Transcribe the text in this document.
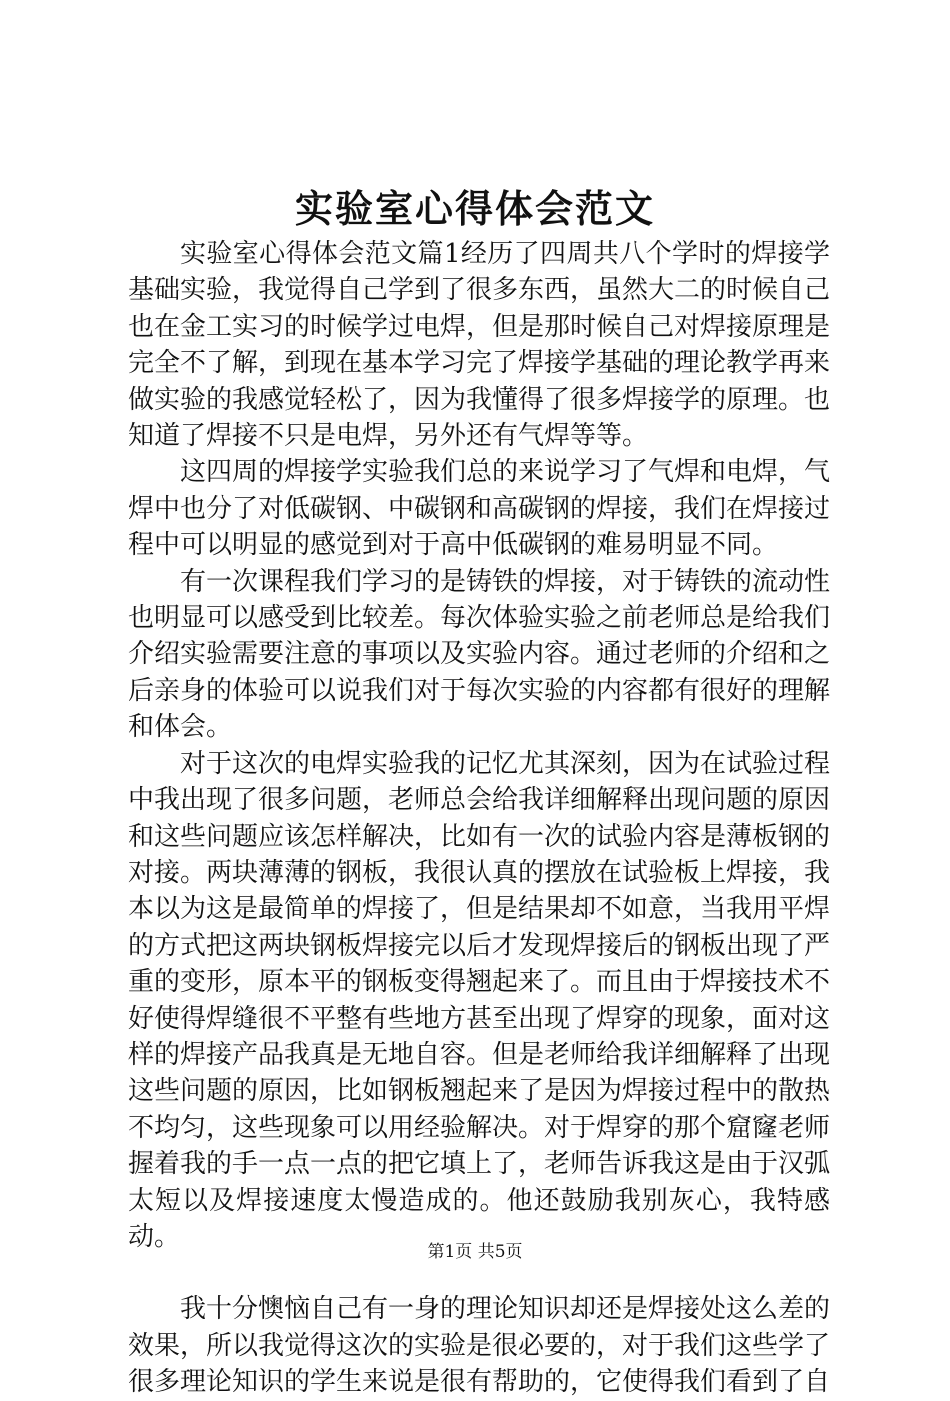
实验室心得体会范文

实验室心得体会范文篇1经历了四周共八个学时的焊接学基础实验，我觉得自己学到了很多东西，虽然大二的时候自己也在金工实习的时候学过电焊，但是那时候自己对焊接原理是完全不了解，到现在基本学习完了焊接学基础的理论教学再来做实验的我感觉轻松了，因为我懂得了很多焊接学的原理。也知道了焊接不只是电焊，另外还有气焊等等。

这四周的焊接学实验我们总的来说学习了气焊和电焊，气焊中也分了对低碳钢、中碳钢和高碳钢的焊接，我们在焊接过程中可以明显的感觉到对于高中低碳钢的难易明显不同。

有一次课程我们学习的是铸铁的焊接，对于铸铁的流动性也明显可以感受到比较差。每次体验实验之前老师总是给我们介绍实验需要注意的事项以及实验内容。通过老师的介绍和之后亲身的体验可以说我们对于每次实验的内容都有很好的理解和体会。

对于这次的电焊实验我的记忆尤其深刻，因为在试验过程中我出现了很多问题，老师总会给我详细解释出现问题的原因和这些问题应该怎样解决，比如有一次的试验内容是薄板钢的对接。两块薄薄的钢板，我很认真的摆放在试验板上焊接，我本以为这是最简单的焊接了，但是结果却不如意，当我用平焊的方式把这两块钢板焊接完以后才发现焊接后的钢板出现了严重的变形，原本平的钢板变得翘起来了。而且由于焊接技术不好使得焊缝很不平整有些地方甚至出现了焊穿的现象，面对这样的焊接产品我真是无地自容。但是老师给我详细解释了出现这些问题的原因，比如钢板翘起来了是因为焊接过程中的散热不均匀，这些现象可以用经验解决。对于焊穿的那个窟窿老师握着我的手一点一点的把它填上了，老师告诉我这是由于汉弧太短以及焊接速度太慢造成的。他还鼓励我别灰心，我特感动。

我十分懊恼自己有一身的理论知识却还是焊接处这么差的效果，所以我觉得这次的实验是很必要的，对于我们这些学了很多理论知识的学生来说是很有帮助的，它使得我们看到了自

第1页 共5页
